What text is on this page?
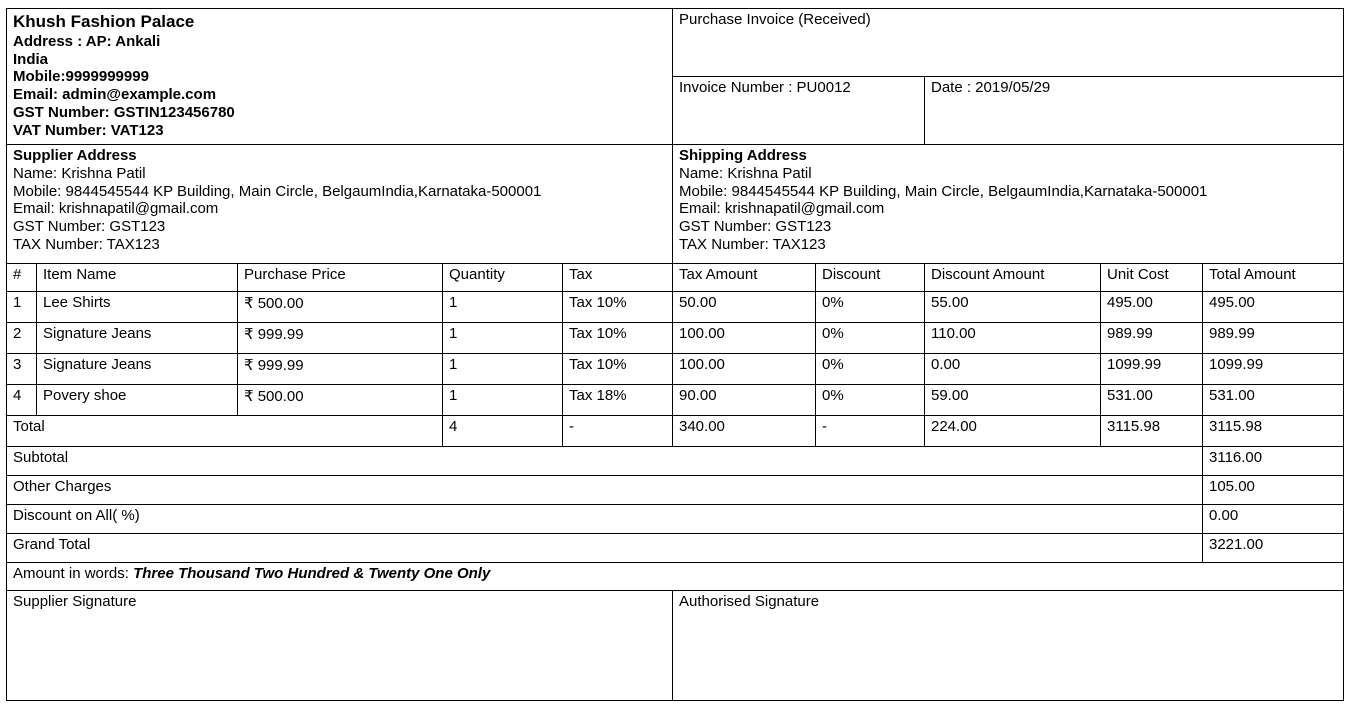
Khush Fashion Palace
Address : AP: Ankali
India
Mobile:9999999999
Email: admin@example.com
GST Number: GSTIN123456780
VAT Number: VAT123
	Purchase Invoice (Received)
					Invoice Number : PU0012		Date : 2019/05/29		

Supplier Address
Name: Krishna Patil
Mobile: 9844545544 KP Building, Main Circle, BelgaumIndia,Karnataka-500001
Email: krishnapatil@gmail.com
GST Number: GST123
TAX Number: TAX123

Shipping Address
Name: Krishna Patil
Mobile: 9844545544 KP Building, Main Circle, BelgaumIndia,Karnataka-500001
Email: krishnapatil@gmail.com
GST Number: GST123
TAX Number: TAX123

#	Item Name	Purchase Price	Quantity	Tax	Tax Amount	Discount	Discount Amount	Unit Cost	Total Amount
1	Lee Shirts	₹ 500.00	1	Tax 10%	50.00	0%	55.00	495.00	495.00
2	Signature Jeans	₹ 999.99	1	Tax 10%	100.00	0%	110.00	989.99	989.99
3	Signature Jeans	₹ 999.99	1	Tax 10%	100.00	0%	0.00	1099.99	1099.99
4	Povery shoe	₹ 500.00	1	Tax 18%	90.00	0%	59.00	531.00	531.00
Total			4	-	340.00	-	224.00	3115.98	3115.98
Subtotal									3116.00
Other Charges									105.00
Discount on All( %)									0.00
Grand Total									3221.00
Amount in words: Three Thousand Two Hundred & Twenty One Only									
Supplier Signature					Authorised Signature				
